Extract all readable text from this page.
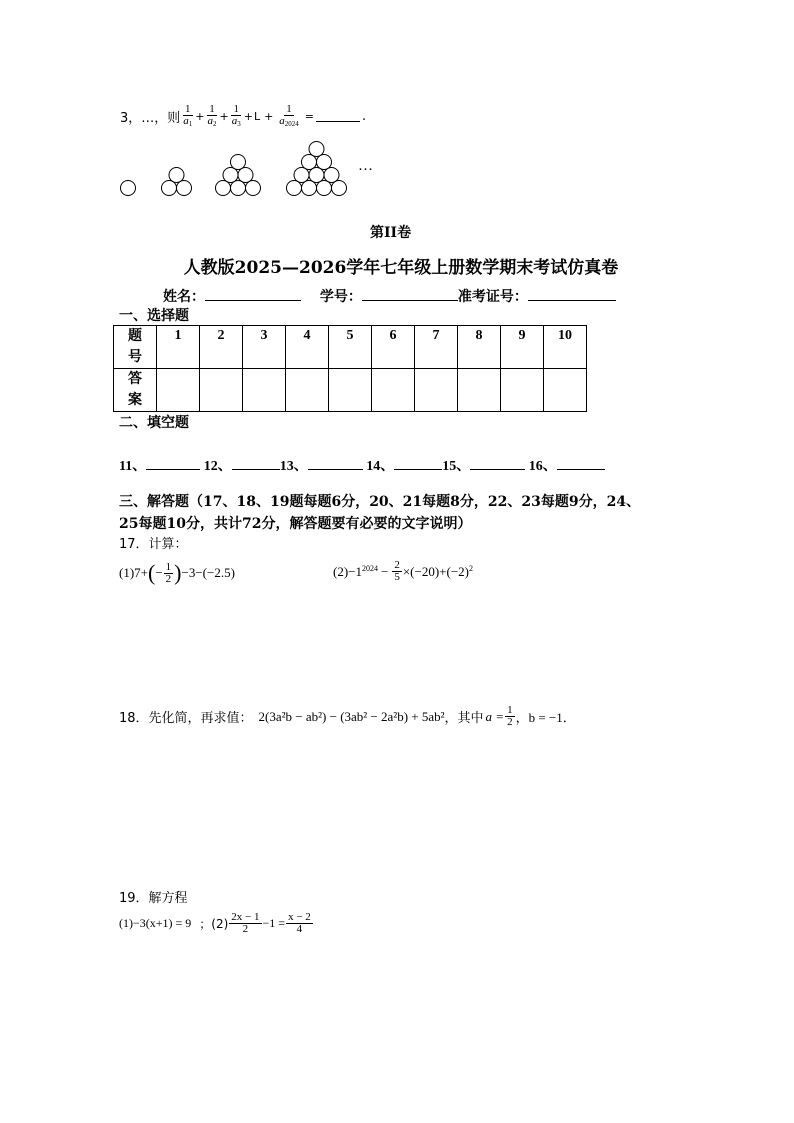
3，…，则 $\frac{1}{a_1} + \frac{1}{a_2} + \frac{1}{a_3} + L + \frac{1}{a_{2024}}$ =	.
…
第II卷
人教版2025—2026学年七年级上册数学期末考试仿真卷
姓名：	学号：	准考证号：
一、选择题
题
号	1	2	3	4	5	6	7	8	9	10
答
案										
二、填空题
11、	12、	13、	14、	15、	16、
三、解答题（17、18、19题每题6分，20、21每题8分，22、23每题9分，24、
25每题10分，共计72分，解答题要有必要的文字说明）
17．计算：
(1)7+ ( − $\frac{1}{2}$ ) −3−(−2.5)	$(2)-1^{2024} - \frac{2}{5} \times(-20)+(-2)^2$
18．先化简，再求值： 2(3a²b − ab²) − (3ab² − 2a²b) + 5ab² ，其中 $a = \frac{1}{2}$ ，b = −1．
19．解方程
(1)−3(x+1) = 9 ；$(2) \frac{2x - 1}{2} -1 = \frac{x - 2}{4}$
